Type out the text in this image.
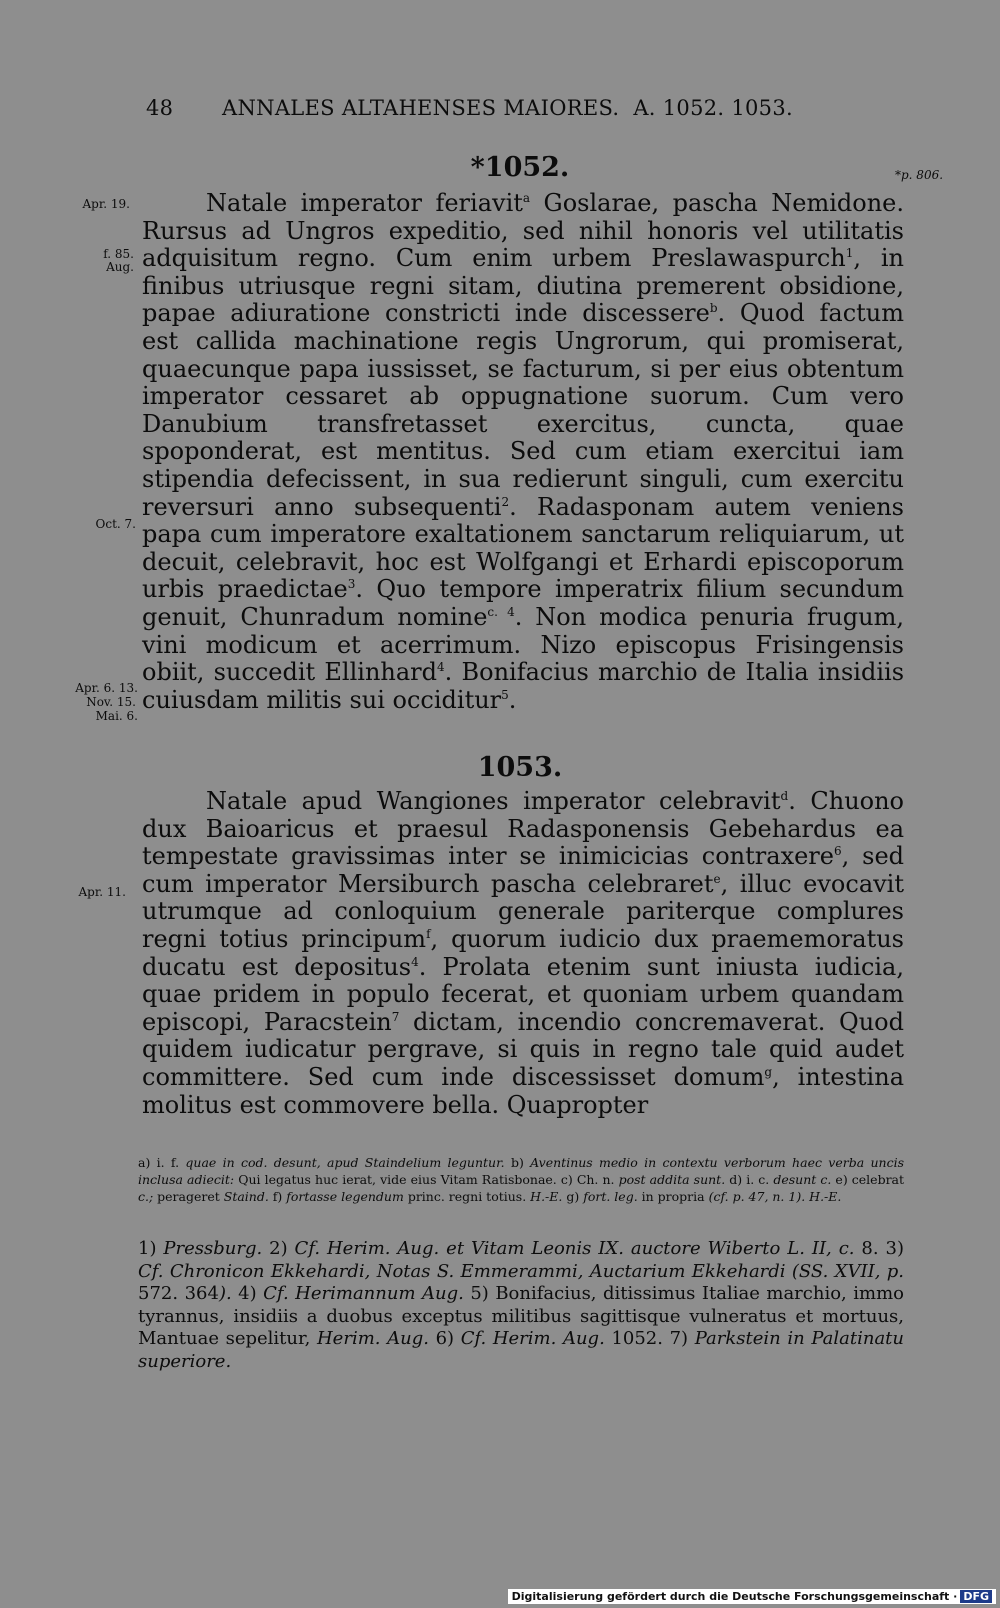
48 ANNALES ALTAHENSES MAIORES. A. 1052. 1053.
*p. 806.
*1052.
Apr. 19.
f. 85.
Aug.
Oct. 7.
Apr. 6. 13.
Nov. 15.
Mai. 6.

Natale imperator feriavit$^a$ Goslarae, pascha Nemidone. Rursus ad Ungros expeditio, sed nihil honoris vel utilitatis adquisitum regno. Cum enim urbem Preslawaspurch$^1$, in finibus utriusque regni sitam, diutina premerent obsidione, papae adiuratione constricti inde discessere$^b$. Quod factum est callida machinatione regis Ungrorum, qui promiserat, quaecunque papa iussisset, se facturum, si per eius obtentum imperator cessaret ab oppugnatione suorum. Cum vero Danubium transfretasset exercitus, cuncta, quae spoponderat, est mentitus. Sed cum etiam exercitui iam stipendia defecissent, in sua redierunt singuli, cum exercitu reversuri anno subsequenti$^2$. Radasponam autem veniens papa cum imperatore exaltationem sanctarum reliquiarum, ut decuit, celebravit, hoc est Wolfgangi et Erhardi episcoporum urbis praedictae$^3$. Quo tempore imperatrix filium secundum genuit, Chunradum nomine$^{c. 4}$. Non modica penuria frugum, vini modicum et acerrimum. Nizo episcopus Frisingensis obiit, succedit Ellinhard$^4$. Bonifacius marchio de Italia insidiis cuiusdam militis sui occiditur$^5$.

1053.
Apr. 11.

Natale apud Wangiones imperator celebravit$^d$. Chuono dux Baioaricus et praesul Radasponensis Gebehardus ea tempestate gravissimas inter se inimicicias contraxere$^6$, sed cum imperator Mersiburch pascha celebraret$^e$, illuc evocavit utrumque ad conloquium generale pariterque complures regni totius principum$^f$, quorum iudicio dux praememoratus ducatu est depositus$^4$. Prolata etenim sunt iniusta iudicia, quae pridem in populo fecerat, et quoniam urbem quandam episcopi, Paracstein$^7$ dictam, incendio concremaverat. Quod quidem iudicatur pergrave, si quis in regno tale quid audet committere. Sed cum inde discessisset domum$^g$, intestina molitus est commovere bella. Quapropter

a) i. f. quae in cod. desunt, apud Staindelium leguntur. b) Aventinus medio in contextu verborum haec verba uncis inclusa adiecit: Qui legatus huc ierat, vide eius Vitam Ratisbonae. c) Ch. n. post addita sunt. d) i. c. desunt c. e) celebrat c.; perageret Staind. f) fortasse legendum princ. regni totius. H.-E. g) fort. leg. in propria (cf. p. 47, n. 1). H.-E.

1) Pressburg. 2) Cf. Herim. Aug. et Vitam Leonis IX. auctore Wiberto L. II, c. 8. 3) Cf. Chronicon Ekkehardi, Notas S. Emmerammi, Auctarium Ekkehardi (SS. XVII, p. 572. 364). 4) Cf. Herimannum Aug. 5) Bonifacius, ditissimus Italiae marchio, immo tyrannus, insidiis a duobus exceptus militibus sagittisque vulneratus et mortuus, Mantuae sepelitur, Herim. Aug. 6) Cf. Herim. Aug. 1052. 7) Parkstein in Palatinatu superiore.

Digitalisierung gefördert durch die Deutsche Forschungsgemeinschaft · DFG
